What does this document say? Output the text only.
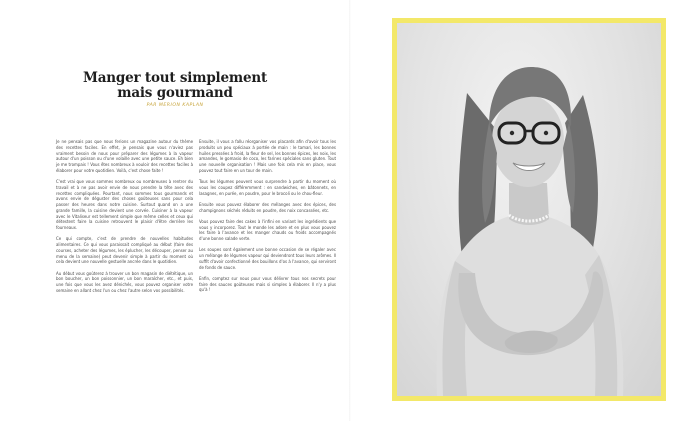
Manger tout simplement
mais gourmand
PAR MERION KAPLAN

Je ne pensais pas que nous ferions un magazine autour du thème des recettes faciles. En effet, je pensais que vous n'aviez pas vraiment besoin de nous pour préparer des légumes à la vapeur autour d'un poisson ou d'une volaille avec une petite sauce. Eh bien je me trompais ! Vous êtes nombreux à vouloir des recettes faciles à élaborer pour votre quotidien. Voilà, c'est chose faite !

C'est vrai que vous sommes nombreux ou nombreuses à rentrer du travail et à ne pas avoir envie de nous prendre la tête avec des recettes compliquées. Pourtant, nous sommes tous gourmands et avons envie de déguster des choses goûteuses sans pour cela passer des heures dans notre cuisine. Surtout quand on a une grande famille, la cuisine devient une corvée. Cuisiner à la vapeur avec le Vitaliseur est tellement simple que même celles et ceux qui détestent faire la cuisine retrouvent le plaisir d'être derrière les fourneaux.

Ce qui compte, c'est de prendre de nouvelles habitudes alimentaires. Ce qui vous paraissait compliqué au début (faire des courses, acheter des légumes, les éplucher, les découper, penser au menu de la semaine) peut devenir simple à partir du moment où cela devient une nouvelle gestuelle ancrée dans le quotidien.

Au début vous goûterez à trouver un bon magasin de diététique, un bon boucher, un bon poissonnier, un bon maraîcher, etc., et puis, une fois que vous les avez dénichés, vous pouvez organiser votre semaine en allant chez l'un ou chez l'autre selon vos possibilités.

Ensuite, il vous a fallu réorganiser vos placards afin d'avoir tous les produits un peu spéciaux à portée de main : le tamari, les bonnes huiles pressées à froid, la fleur de sel, les bonnes épices, les noix, les amandes, le gomasio de coco, les farines spéciales sans gluten. Tout une nouvelle organisation ! Mais une fois cela mis en place, vous pouvez tout faire en un tour de main.

Tous les légumes peuvent vous surprendre à partir du moment où vous les coupez différemment : en sandwiches, en bâtonnets, en lasagnes, en purée, en poudre, pour le brocoli ou le chou-fleur.

Ensuite vous pouvez élaborer des mélanges avec des épices, des champignons séchés réduits en poudre, des noix concassées, etc.

Vous pouvez faire des cakes à l'infini en variant les ingrédients que vous y incorporez. Tout le monde les adore et en plus vous pouvez les faire à l'avance et les manger chauds ou froids accompagnés d'une bonne salade verte.

Les soupes sont également une bonne occasion de se régaler avec un mélange de légumes vapeur qui deviendront tous leurs arômes. Il suffit d'avoir confectionné des bouillons d'os à l'avance, qui serviront de fonds de sauce.

Enfin, comptez sur nous pour vous délivrer tous nos secrets pour faire des sauces goûteuses mais si simples à élaborer. Il n'y a plus qu'à !
